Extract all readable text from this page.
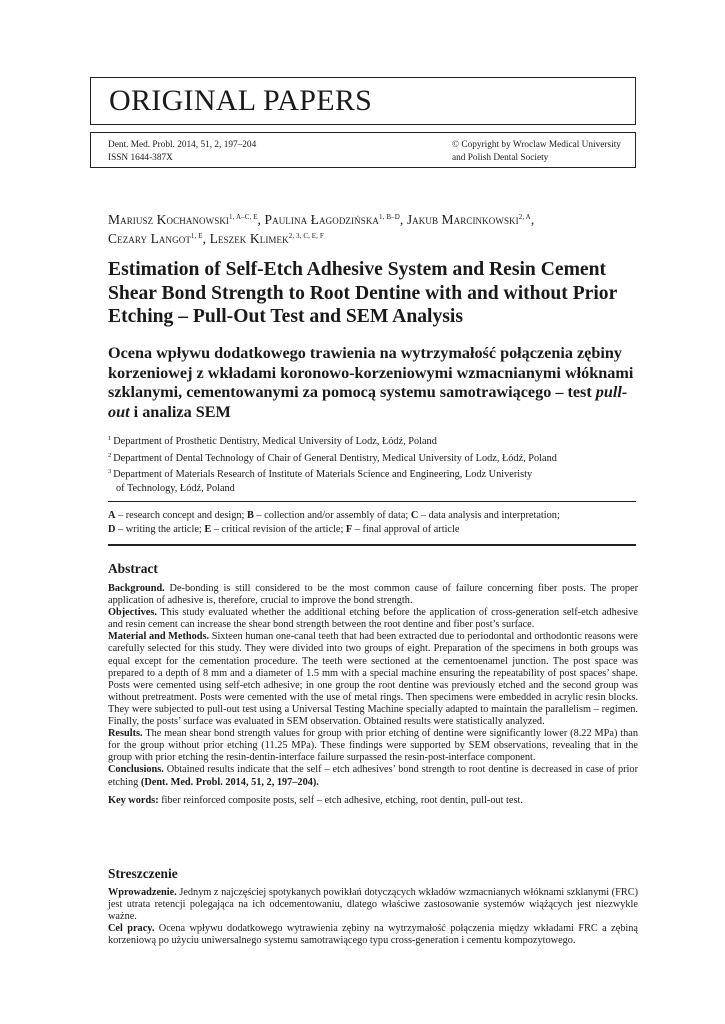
ORIGINAL PAPERS
Dent. Med. Probl. 2014, 51, 2, 197–204
ISSN 1644-387X
© Copyright by Wroclaw Medical University
and Polish Dental Society
Mariusz Kochanowski$^{1, A-C, E}$, Paulina Łagodzińska$^{1, B-D}$, Jakub Marcinkowski$^{2, A}$,
Cezary Langot$^{1, E}$, Leszek Klimek$^{2, 3, C, E, F}$
Estimation of Self-Etch Adhesive System and Resin Cement Shear Bond Strength to Root Dentine with and without Prior Etching – Pull-Out Test and SEM Analysis
Ocena wpływu dodatkowego trawienia na wytrzymałość połączenia zębiny korzeniowej z wkładami koronowo-korzeniowymi wzmacnianymi włóknami szklanymi, cementowanymi za pomocą systemu samotrawiącego – test pull-out i analiza SEM
$^1$ Department of Prosthetic Dentistry, Medical University of Lodz, Łódź, Poland
$^2$ Department of Dental Technology of Chair of General Dentistry, Medical University of Lodz, Łódź, Poland
$^3$ Department of Materials Research of Institute of Materials Science and Engineering, Lodz Univeristy
of Technology, Łódź, Poland
A – research concept and design; B – collection and/or assembly of data; C – data analysis and interpretation;
D – writing the article; E – critical revision of the article; F – final approval of article
Abstract

Background. De-bonding is still considered to be the most common cause of failure concerning fiber posts. The proper application of adhesive is, therefore, crucial to improve the bond strength.

Objectives. This study evaluated whether the additional etching before the application of cross-generation self-etch adhesive and resin cement can increase the shear bond strength between the root dentine and fiber post’s surface.

Material and Methods. Sixteen human one-canal teeth that had been extracted due to periodontal and orthodontic reasons were carefully selected for this study. They were divided into two groups of eight. Preparation of the specimens in both groups was equal except for the cementation procedure. The teeth were sectioned at the cementoenamel junction. The post space was prepared to a depth of 8 mm and a diameter of 1.5 mm with a special machine ensuring the repeatability of post spaces’ shape. Posts were cemented using self-etch adhesive; in one group the root dentine was previously etched and the second group was without pretreatment. Posts were cemented with the use of metal rings. Then specimens were embedded in acrylic resin blocks. They were subjected to pull-out test using a Universal Testing Machine specially adapted to maintain the parallelism – regimen. Finally, the posts’ surface was evaluated in SEM observation. Obtained results were statistically analyzed.

Results. The mean shear bond strength values for group with prior etching of dentine were significantly lower (8.22 MPa) than for the group without prior etching (11.25 MPa). These findings were supported by SEM observations, revealing that in the group with prior etching the resin-dentin-interface failure surpassed the resin-post-interface component.

Conclusions. Obtained results indicate that the self – etch adhesives’ bond strength to root dentine is decreased in case of prior etching (Dent. Med. Probl. 2014, 51, 2, 197–204).

Key words: fiber reinforced composite posts, self – etch adhesive, etching, root dentin, pull-out test.

Streszczenie

Wprowadzenie. Jednym z najczęściej spotykanych powikłań dotyczących wkładów wzmacnianych włóknami szklanymi (FRC) jest utrata retencji polegająca na ich odcementowaniu, dlatego właściwe zastosowanie systemów wiążących jest niezwykle ważne.

Cel pracy. Ocena wpływu dodatkowego wytrawienia zębiny na wytrzymałość połączenia między wkładami FRC a zębiną korzeniową po użyciu uniwersalnego systemu samotrawiącego typu cross-generation i cementu kompozytowego.
